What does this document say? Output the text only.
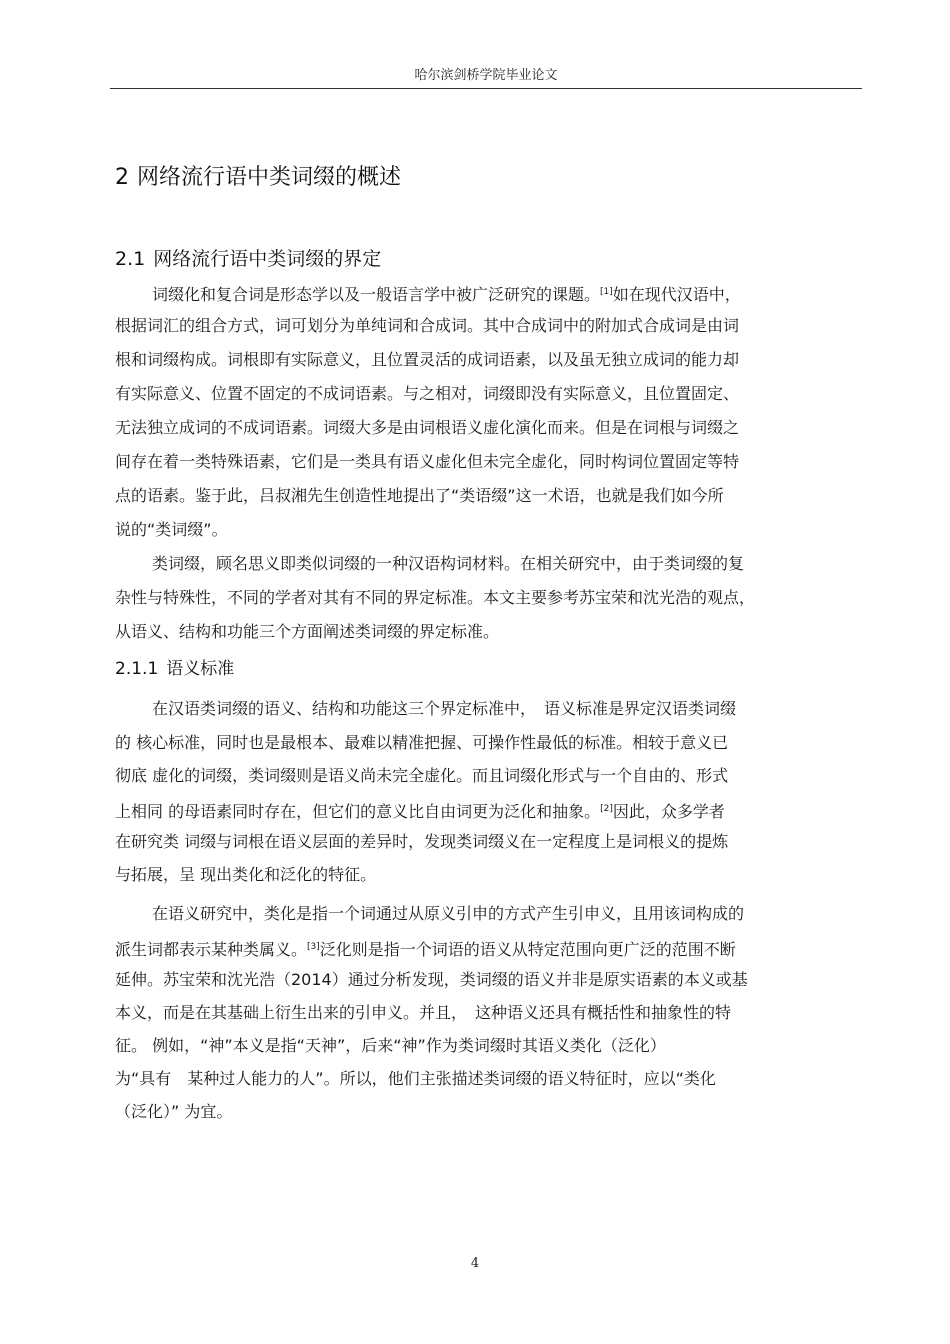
哈尔滨剑桥学院毕业论文
2 网络流行语中类词缀的概述
2.1 网络流行语中类词缀的界定
词缀化和复合词是形态学以及一般语言学中被广泛研究的课题。[1]如在现代汉语中，
根据词汇的组合方式，词可划分为单纯词和合成词。其中合成词中的附加式合成词是由词
根和词缀构成。词根即有实际意义，且位置灵活的成词语素，以及虽无独立成词的能力却
有实际意义、位置不固定的不成词语素。与之相对，词缀即没有实际意义，且位置固定、
无法独立成词的不成词语素。词缀大多是由词根语义虚化演化而来。但是在词根与词缀之
间存在着一类特殊语素，它们是一类具有语义虚化但未完全虚化，同时构词位置固定等特
点的语素。鉴于此，吕叔湘先生创造性地提出了“类语缀”这一术语，也就是我们如今所
说的“类词缀”。
类词缀，顾名思义即类似词缀的一种汉语构词材料。在相关研究中，由于类词缀的复
杂性与特殊性，不同的学者对其有不同的界定标准。本文主要参考苏宝荣和沈光浩的观点，
从语义、结构和功能三个方面阐述类词缀的界定标准。
2.1.1 语义标准
在汉语类词缀的语义、结构和功能这三个界定标准中，　语义标准是界定汉语类词缀
的 核心标准，同时也是最根本、最难以精准把握、可操作性最低的标准。相较于意义已
彻底 虚化的词缀，类词缀则是语义尚未完全虚化。而且词缀化形式与一个自由的、形式
上相同 的母语素同时存在，但它们的意义比自由词更为泛化和抽象。[2]因此，众多学者
在研究类 词缀与词根在语义层面的差异时，发现类词缀义在一定程度上是词根义的提炼
与拓展，呈 现出类化和泛化的特征。
在语义研究中，类化是指一个词通过从原义引申的方式产生引申义，且用该词构成的
派生词都表示某种类属义。[3]泛化则是指一个词语的语义从特定范围向更广泛的范围不断
延伸。苏宝荣和沈光浩（2014）通过分析发现，类词缀的语义并非是原实语素的本义或基
本义，而是在其基础上衍生出来的引申义。并且，　这种语义还具有概括性和抽象性的特
征。 例如，“神”本义是指“天神”，后来“神”作为类词缀时其语义类化（泛化）
为“具有　某种过人能力的人”。所以，他们主张描述类词缀的语义特征时，应以“类化
（泛化）” 为宜。
4
